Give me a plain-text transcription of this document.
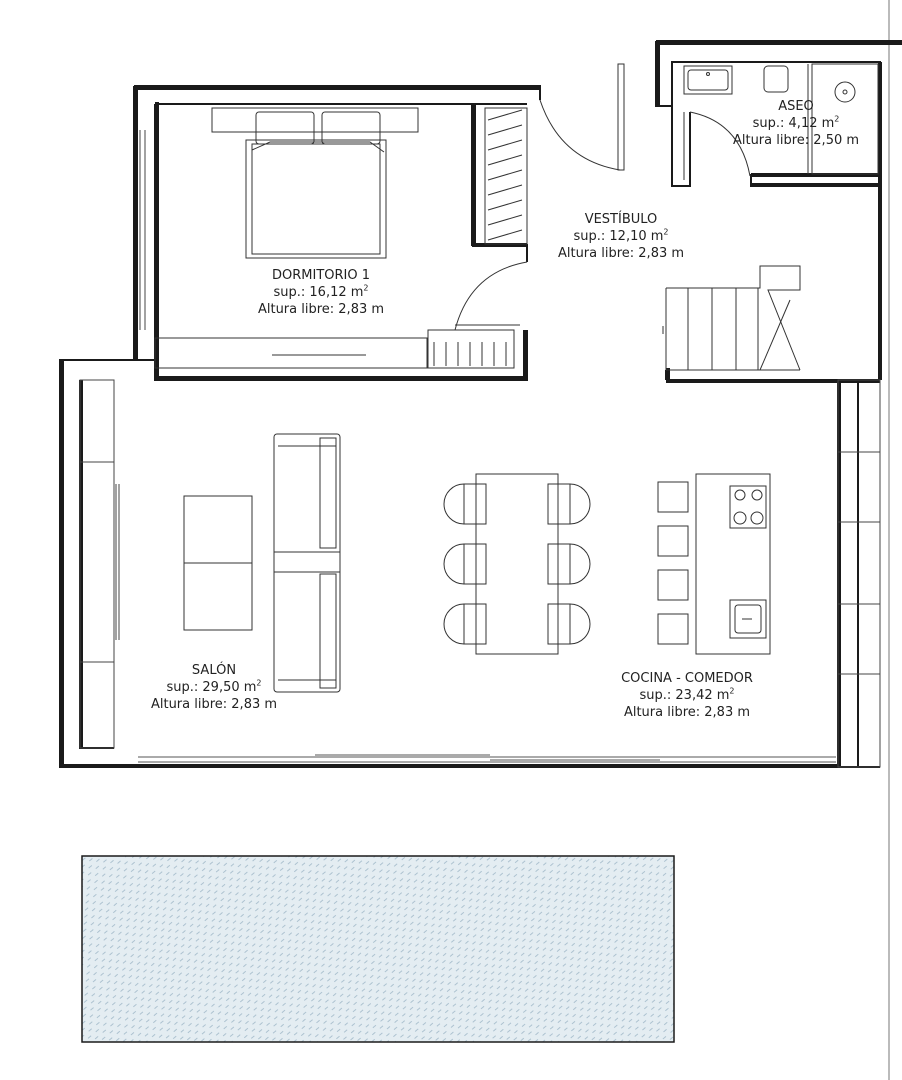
ASEO
sup.: 4,12 $m^2$
Altura libre: 2,50 m
VESTÍBULO
sup.: 12,10 $m^2$
Altura libre: 2,83 m
DORMITORIO 1
sup.: 16,12 $m^2$
Altura libre: 2,83 m
SALÓN
sup.: 29,50 $m^2$
Altura libre: 2,83 m
COCINA - COMEDOR
sup.: 23,42 $m^2$
Altura libre: 2,83 m
